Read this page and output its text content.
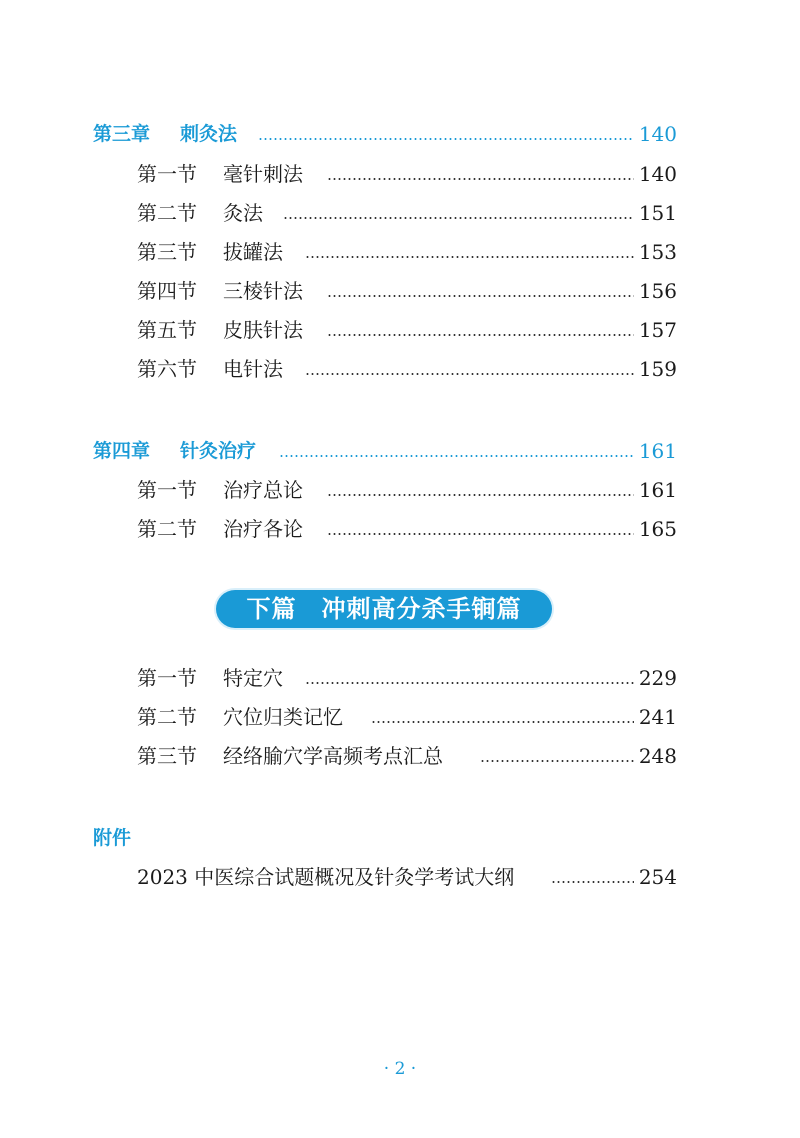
第三章 刺灸法	140
第一节 毫针刺法	140
第二节 灸法	151
第三节 拔罐法	153
第四节 三棱针法	156
第五节 皮肤针法	157
第六节 电针法	159
第四章 针灸治疗	161
第一节 治疗总论	161
第二节 治疗各论	165
下篇　冲刺高分杀手锏篇
第一节 特定穴	229
第二节 穴位归类记忆	241
第三节 经络腧穴学高频考点汇总	248
附件
2023 中医综合试题概况及针灸学考试大纲	254
· 2 ·
